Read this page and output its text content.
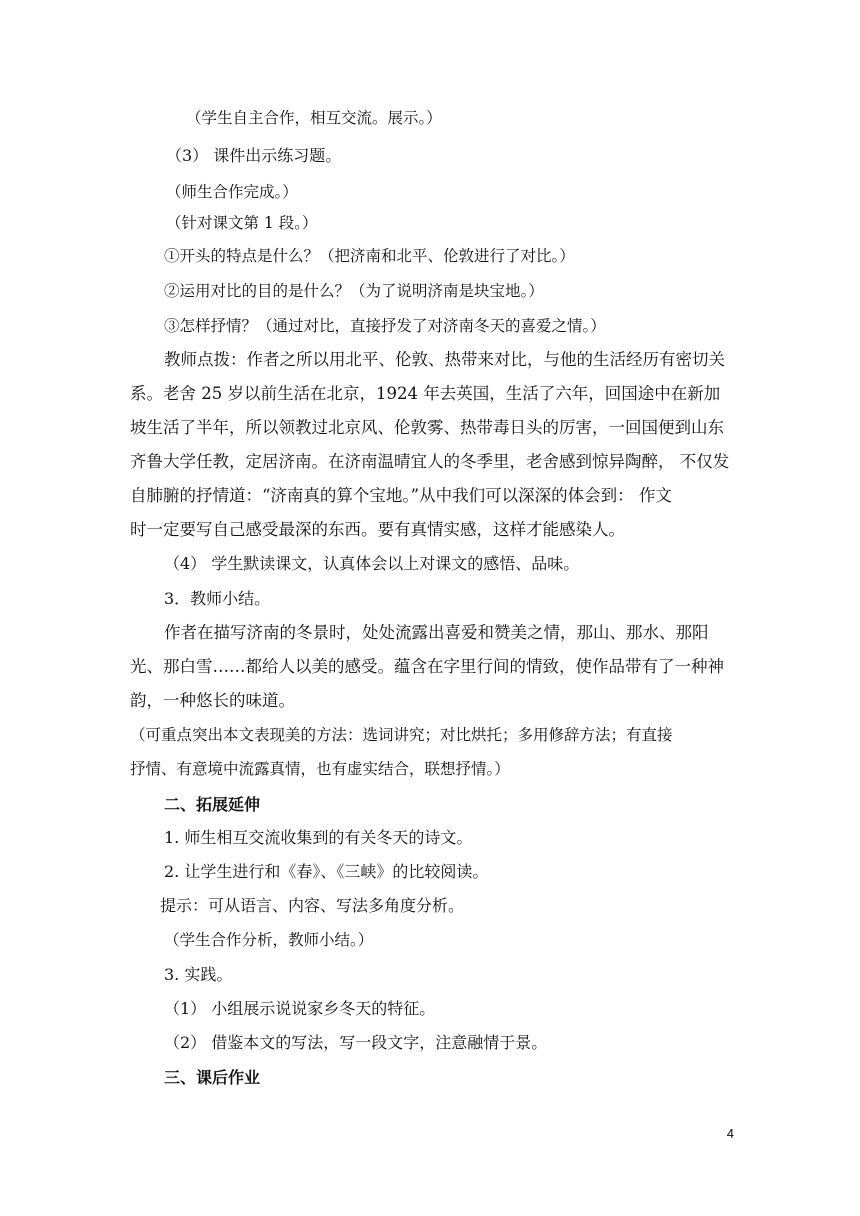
（学生自主合作，相互交流。展示。）
（3） 课件出示练习题。
（师生合作完成。）
（针对课文第 1 段。）
①开头的特点是什么？（把济南和北平、伦敦进行了对比。）
②运用对比的目的是什么？（为了说明济南是块宝地。）
③怎样抒情？（通过对比，直接抒发了对济南冬天的喜爱之情。）
教师点拨：作者之所以用北平、伦敦、热带来对比，与他的生活经历有密切关
系。老舍 25 岁以前生活在北京，1924 年去英国，生活了六年，回国途中在新加
坡生活了半年，所以领教过北京风、伦敦雾、热带毒日头的厉害，一回国便到山东
齐鲁大学任教，定居济南。在济南温晴宜人的冬季里，老舍感到惊异陶醉， 不仅发
自肺腑的抒情道：“济南真的算个宝地。”从中我们可以深深的体会到： 作文
时一定要写自己感受最深的东西。要有真情实感，这样才能感染人。
（4） 学生默读课文，认真体会以上对课文的感悟、品味。
3．教师小结。
作者在描写济南的冬景时，处处流露出喜爱和赞美之情，那山、那水、那阳
光、那白雪……都给人以美的感受。蕴含在字里行间的情致，使作品带有了一种神
韵，一种悠长的味道。
（可重点突出本文表现美的方法：选词讲究；对比烘托；多用修辞方法；有直接
抒情、有意境中流露真情，也有虚实结合，联想抒情。）
二、拓展延伸
1. 师生相互交流收集到的有关冬天的诗文。
2. 让学生进行和《春》、《三峡》的比较阅读。
提示：可从语言、内容、写法多角度分析。
（学生合作分析，教师小结。）
3. 实践。
（1） 小组展示说说家乡冬天的特征。
（2） 借鉴本文的写法，写一段文字，注意融情于景。
三、课后作业
4
